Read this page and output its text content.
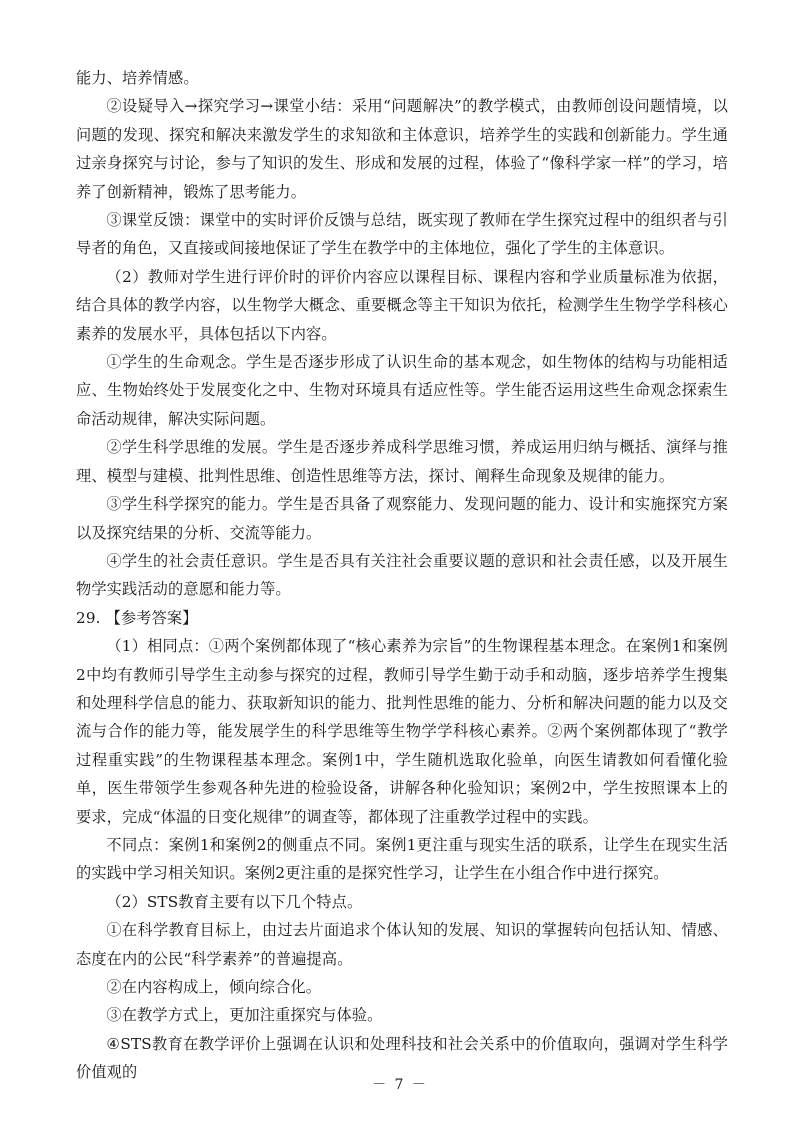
能力、培养情感。

②设疑导入→探究学习→课堂小结：采用“问题解决”的教学模式，由教师创设问题情境，以问题的发现、探究和解决来激发学生的求知欲和主体意识，培养学生的实践和创新能力。学生通过亲身探究与讨论，参与了知识的发生、形成和发展的过程，体验了“像科学家一样”的学习，培养了创新精神，锻炼了思考能力。

③课堂反馈：课堂中的实时评价反馈与总结，既实现了教师在学生探究过程中的组织者与引导者的角色，又直接或间接地保证了学生在教学中的主体地位，强化了学生的主体意识。

（2）教师对学生进行评价时的评价内容应以课程目标、课程内容和学业质量标准为依据，结合具体的教学内容，以生物学大概念、重要概念等主干知识为依托，检测学生生物学学科核心素养的发展水平，具体包括以下内容。

①学生的生命观念。学生是否逐步形成了认识生命的基本观念，如生物体的结构与功能相适应、生物始终处于发展变化之中、生物对环境具有适应性等。学生能否运用这些生命观念探索生命活动规律，解决实际问题。

②学生科学思维的发展。学生是否逐步养成科学思维习惯，养成运用归纳与概括、演绎与推理、模型与建模、批判性思维、创造性思维等方法，探讨、阐释生命现象及规律的能力。

③学生科学探究的能力。学生是否具备了观察能力、发现问题的能力、设计和实施探究方案以及探究结果的分析、交流等能力。

④学生的社会责任意识。学生是否具有关注社会重要议题的意识和社会责任感，以及开展生物学实践活动的意愿和能力等。

29. 【参考答案】

（1）相同点：①两个案例都体现了“核心素养为宗旨”的生物课程基本理念。在案例1和案例2中均有教师引导学生主动参与探究的过程，教师引导学生勤于动手和动脑，逐步培养学生搜集和处理科学信息的能力、获取新知识的能力、批判性思维的能力、分析和解决问题的能力以及交流与合作的能力等，能发展学生的科学思维等生物学学科核心素养。②两个案例都体现了“教学过程重实践”的生物课程基本理念。案例1中，学生随机选取化验单，向医生请教如何看懂化验单，医生带领学生参观各种先进的检验设备，讲解各种化验知识；案例2中，学生按照课本上的要求，完成“体温的日变化规律”的调查等，都体现了注重教学过程中的实践。

不同点：案例1和案例2的侧重点不同。案例1更注重与现实生活的联系，让学生在现实生活的实践中学习相关知识。案例2更注重的是探究性学习，让学生在小组合作中进行探究。

（2）STS教育主要有以下几个特点。

①在科学教育目标上，由过去片面追求个体认知的发展、知识的掌握转向包括认知、情感、态度在内的公民“科学素养”的普遍提高。

②在内容构成上，倾向综合化。

③在教学方式上，更加注重探究与体验。

④STS教育在教学评价上强调在认识和处理科技和社会关系中的价值取向，强调对学生科学价值观的

－ 7 －
